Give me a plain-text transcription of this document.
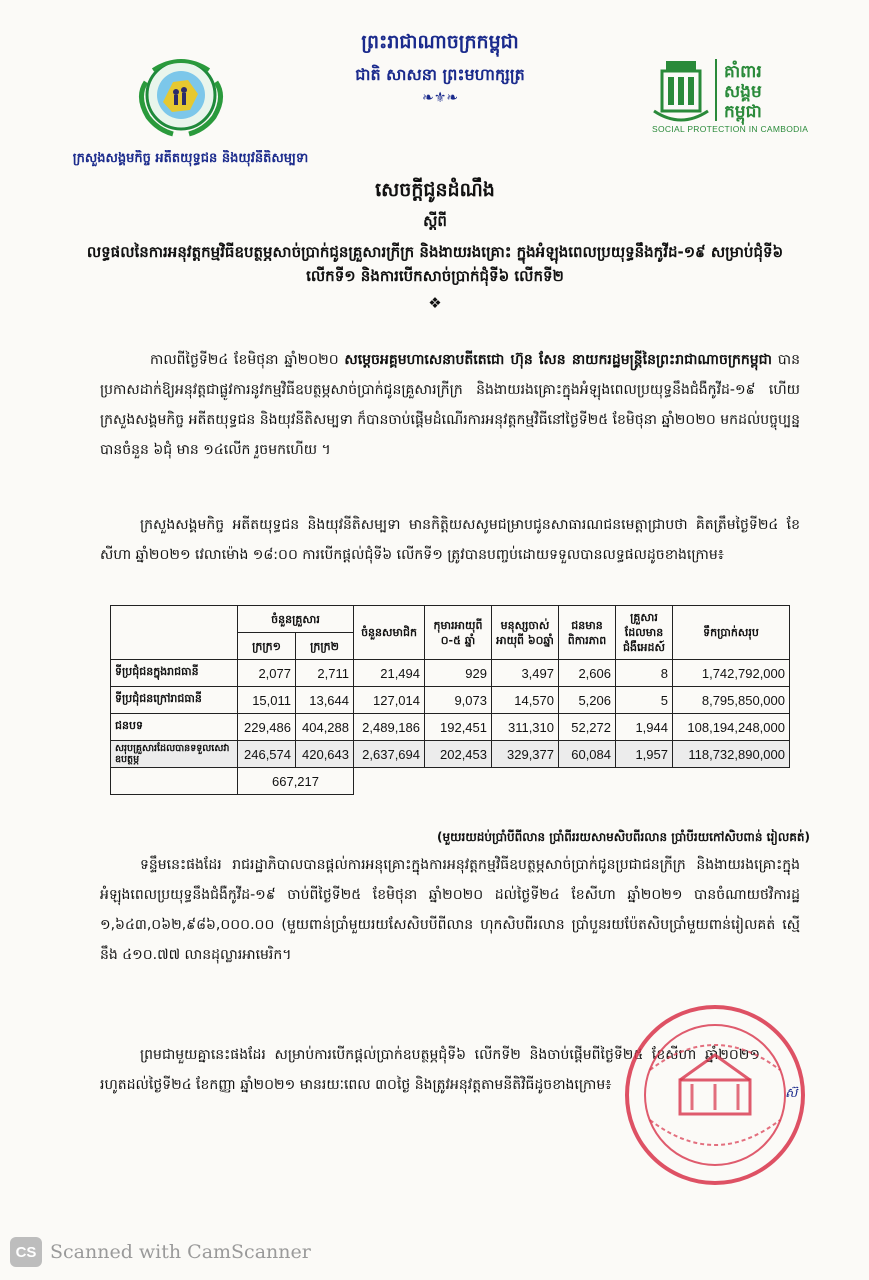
ក្រសួងសង្គមកិច្ច អតីតយុទ្ធជន និងយុវនីតិសម្បទា
ព្រះរាជាណាចក្រកម្ពុជា
ជាតិ សាសនា ព្រះមហាក្សត្រ
❧⚜❧
គាំពារ
សង្គម
កម្ពុជា
SOCIAL PROTECTION IN CAMBODIA
សេចក្តីជូនដំណឹង
ស្តីពី
លទ្ធផលនៃការអនុវត្តកម្មវិធីឧបត្ថម្ភសាច់ប្រាក់ជូនគ្រួសារក្រីក្រ និងងាយរងគ្រោះ ក្នុងអំឡុងពេលប្រយុទ្ធនឹងកូវីដ-១៩ សម្រាប់ជុំទី៦ លើកទី១ និងការបើកសាច់ប្រាក់ជុំទី៦ លើកទី២
❖
កាលពីថ្ងៃទី២៤ ខែមិថុនា ឆ្នាំ២០២០ សម្តេចអគ្គមហាសេនាបតីតេជោ ហ៊ុន សែន នាយករដ្ឋមន្ត្រីនៃព្រះរាជាណាចក្រកម្ពុជា បានប្រកាសដាក់ឱ្យអនុវត្តជាផ្លូវការនូវកម្មវិធីឧបត្ថម្ភសាច់ប្រាក់ជូនគ្រួសារក្រីក្រ និងងាយរងគ្រោះក្នុងអំឡុងពេលប្រយុទ្ធនឹងជំងឺកូវីដ-១៩ ហើយក្រសួងសង្គមកិច្ច អតីតយុទ្ធជន និងយុវនីតិសម្បទា ក៏បានចាប់ផ្តើមដំណើរការអនុវត្តកម្មវិធីនៅថ្ងៃទី២៥ ខែមិថុនា ឆ្នាំ២០២០ មកដល់បច្ចុប្បន្នបានចំនួន ៦ជុំ មាន ១៤លើក រួចមកហើយ ។
ក្រសួងសង្គមកិច្ច អតីតយុទ្ធជន និងយុវនីតិសម្បទា មានកិត្តិយសសូមជម្រាបជូនសាធារណជនមេត្តាជ្រាបថា គិតត្រឹមថ្ងៃទី២៤ ខែសីហា ឆ្នាំ២០២១ វេលាម៉ោង ១៨:០០ ការបើកផ្តល់ជុំទី៦ លើកទី១ ត្រូវបានបញ្ចប់ដោយទទួលបានលទ្ធផលដូចខាងក្រោម៖
	ចំនួនគ្រួសារ		ចំនួនសមាជិក	កុមារអាយុពី ០-៥ ឆ្នាំ	មនុស្សចាស់អាយុពី ៦០ឆ្នាំ	ជនមានពិការភាព	គ្រួសារដែលមានជំងឺអេដស៍	ទឹកប្រាក់សរុប
	ក្រក្រ១	ក្រក្រ២						
ទីប្រជុំជនក្នុងរាជធានី	2,077	2,711	21,494	929	3,497	2,606	8	1,742,792,000
ទីប្រជុំជនក្រៅរាជធានី	15,011	13,644	127,014	9,073	14,570	5,206	5	8,795,850,000
ជនបទ	229,486	404,288	2,489,186	192,451	311,310	52,272	1,944	108,194,248,000
សរុបគ្រួសារដែលបានទទួលសេវាឧបត្ថម្ភ	246,574	420,643	2,637,694	202,453	329,377	60,084	1,957	118,732,890,000
	667,217							
(មួយរយដប់ប្រាំបីពីលាន ប្រាំពីររយសាមសិបពីរលាន ប្រាំបីរយកៅសិបពាន់ រៀលគត់)
ទន្ទឹមនេះផងដែរ រាជរដ្ឋាភិបាលបានផ្តល់ការអនុគ្រោះក្នុងការអនុវត្តកម្មវិធីឧបត្ថម្ភសាច់ប្រាក់ជូនប្រជាជនក្រីក្រ និងងាយរងគ្រោះក្នុងអំឡុងពេលប្រយុទ្ធនឹងជំងឺកូវីដ-១៩ ចាប់ពីថ្ងៃទី២៥ ខែមិថុនា ឆ្នាំ២០២០ ដល់ថ្ងៃទី២៤ ខែសីហា ឆ្នាំ២០២១ បានចំណាយថវិការដ្ឋ ១,៦៤៣,០៦២,៩៨៦,០០០.០០ (មួយពាន់ប្រាំមួយរយសែសិបបីពីលាន ហុកសិបពីរលាន ប្រាំបួនរយប៉ែតសិបប្រាំមួយពាន់រៀលគត់ ស្មើនឹង ៤១០.៧៧ លានដុល្លារអាមេរិក។
ព្រមជាមួយគ្នានេះផងដែរ សម្រាប់ការបើកផ្តល់ប្រាក់ឧបត្ថម្ភជុំទី៦ លើកទី២ និងចាប់ផ្តើមពីថ្ងៃទី២៥ ខែសីហា ឆ្នាំ២០២១ រហូតដល់ថ្ងៃទី២៤ ខែកញ្ញា ឆ្នាំ២០២១ មានរយៈពេល ៣០ថ្ងៃ និងត្រូវអនុវត្តតាមនីតិវិធីដូចខាងក្រោម៖
ស៊
CS Scanned with CamScanner
